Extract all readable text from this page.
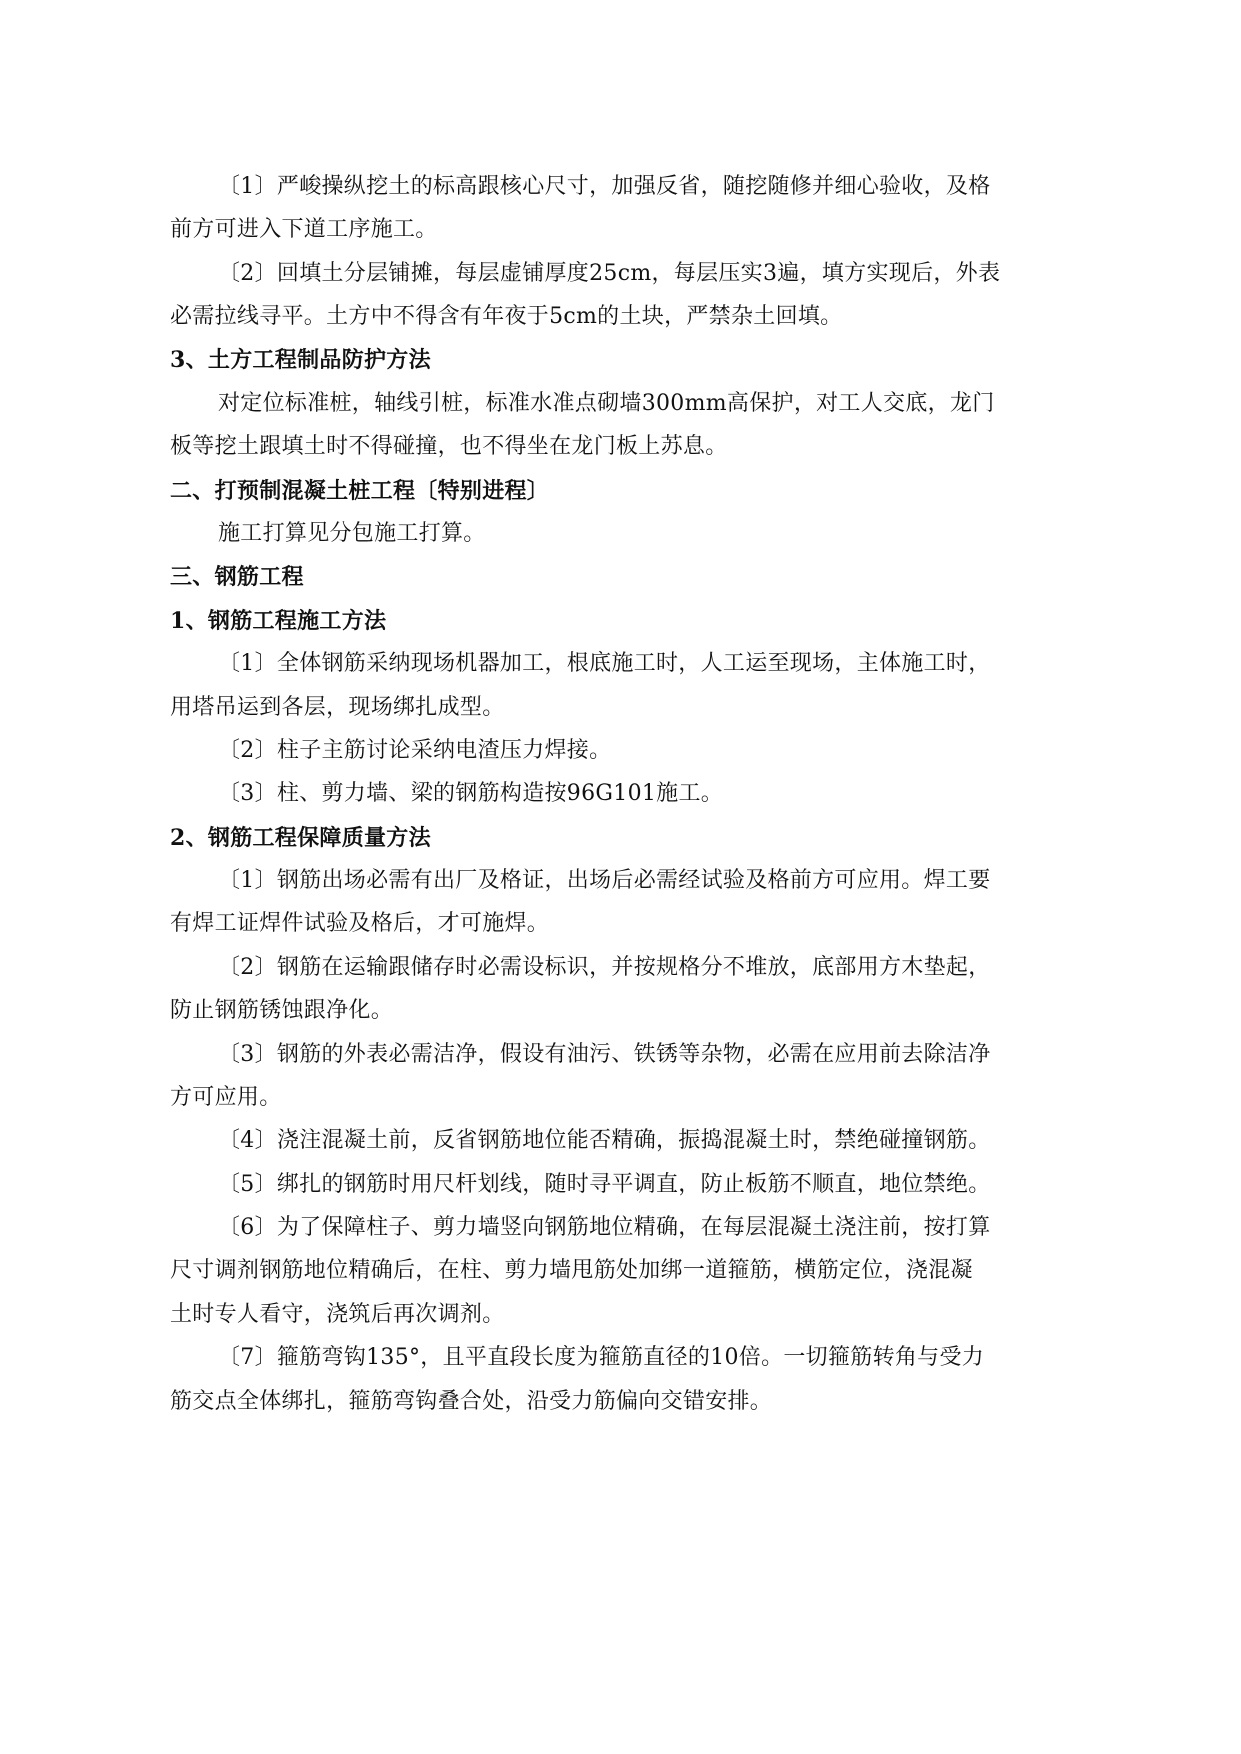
〔1〕严峻操纵挖土的标高跟核心尺寸，加强反省，随挖随修并细心验收，及格
前方可进入下道工序施工。
〔2〕回填土分层铺摊，每层虚铺厚度25cm，每层压实3遍，填方实现后，外表
必需拉线寻平。土方中不得含有年夜于5cm的土块，严禁杂土回填。
3、土方工程制品防护方法
对定位标准桩，轴线引桩，标准水准点砌墙300mm高保护，对工人交底，龙门
板等挖土跟填土时不得碰撞，也不得坐在龙门板上苏息。
二、打预制混凝土桩工程〔特别进程〕
施工打算见分包施工打算。
三、钢筋工程
1、钢筋工程施工方法
〔1〕全体钢筋采纳现场机器加工，根底施工时，人工运至现场，主体施工时，
用塔吊运到各层，现场绑扎成型。
〔2〕柱子主筋讨论采纳电渣压力焊接。
〔3〕柱、剪力墙、梁的钢筋构造按96G101施工。
2、钢筋工程保障质量方法
〔1〕钢筋出场必需有出厂及格证，出场后必需经试验及格前方可应用。焊工要
有焊工证焊件试验及格后，才可施焊。
〔2〕钢筋在运输跟储存时必需设标识，并按规格分不堆放，底部用方木垫起，
防止钢筋锈蚀跟净化。
〔3〕钢筋的外表必需洁净，假设有油污、铁锈等杂物，必需在应用前去除洁净
方可应用。
〔4〕浇注混凝土前，反省钢筋地位能否精确，振捣混凝土时，禁绝碰撞钢筋。
〔5〕绑扎的钢筋时用尺杆划线，随时寻平调直，防止板筋不顺直，地位禁绝。
〔6〕为了保障柱子、剪力墙竖向钢筋地位精确，在每层混凝土浇注前，按打算
尺寸调剂钢筋地位精确后，在柱、剪力墙甩筋处加绑一道箍筋，横筋定位，浇混凝
土时专人看守，浇筑后再次调剂。
〔7〕箍筋弯钩135°，且平直段长度为箍筋直径的10倍。一切箍筋转角与受力
筋交点全体绑扎，箍筋弯钩叠合处，沿受力筋偏向交错安排。
